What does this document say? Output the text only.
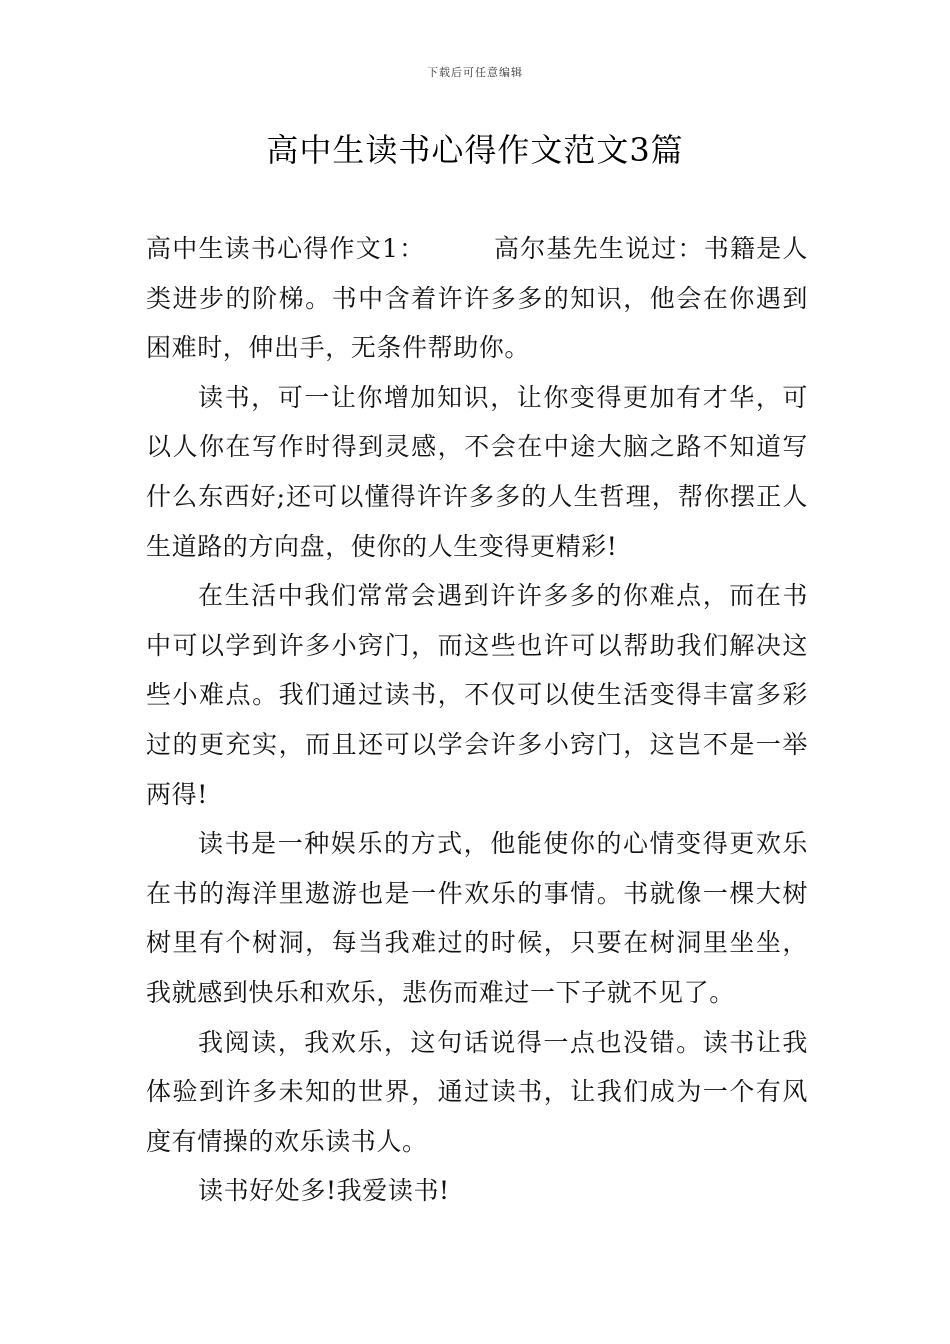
下载后可任意编辑
高中生读书心得作文范文3篇

高中生读书心得作文1：	高尔基先生说过：书籍是人类进步的阶梯。书中含着许许多多的知识，他会在你遇到困难时，伸出手，无条件帮助你。

读书，可一让你增加知识，让你变得更加有才华，可以人你在写作时得到灵感，不会在中途大脑之路不知道写什么东西好;还可以懂得许许多多的人生哲理，帮你摆正人生道路的方向盘，使你的人生变得更精彩!

在生活中我们常常会遇到许许多多的你难点，而在书中可以学到许多小窍门，而这些也许可以帮助我们解决这些小难点。我们通过读书，不仅可以使生活变得丰富多彩过的更充实，而且还可以学会许多小窍门，这岂不是一举两得!

读书是一种娱乐的方式，他能使你的心情变得更欢乐在书的海洋里遨游也是一件欢乐的事情。书就像一棵大树树里有个树洞，每当我难过的时候，只要在树洞里坐坐，我就感到快乐和欢乐，悲伤而难过一下子就不见了。

我阅读，我欢乐，这句话说得一点也没错。读书让我体验到许多未知的世界，通过读书，让我们成为一个有风度有情操的欢乐读书人。

读书好处多!我爱读书!
